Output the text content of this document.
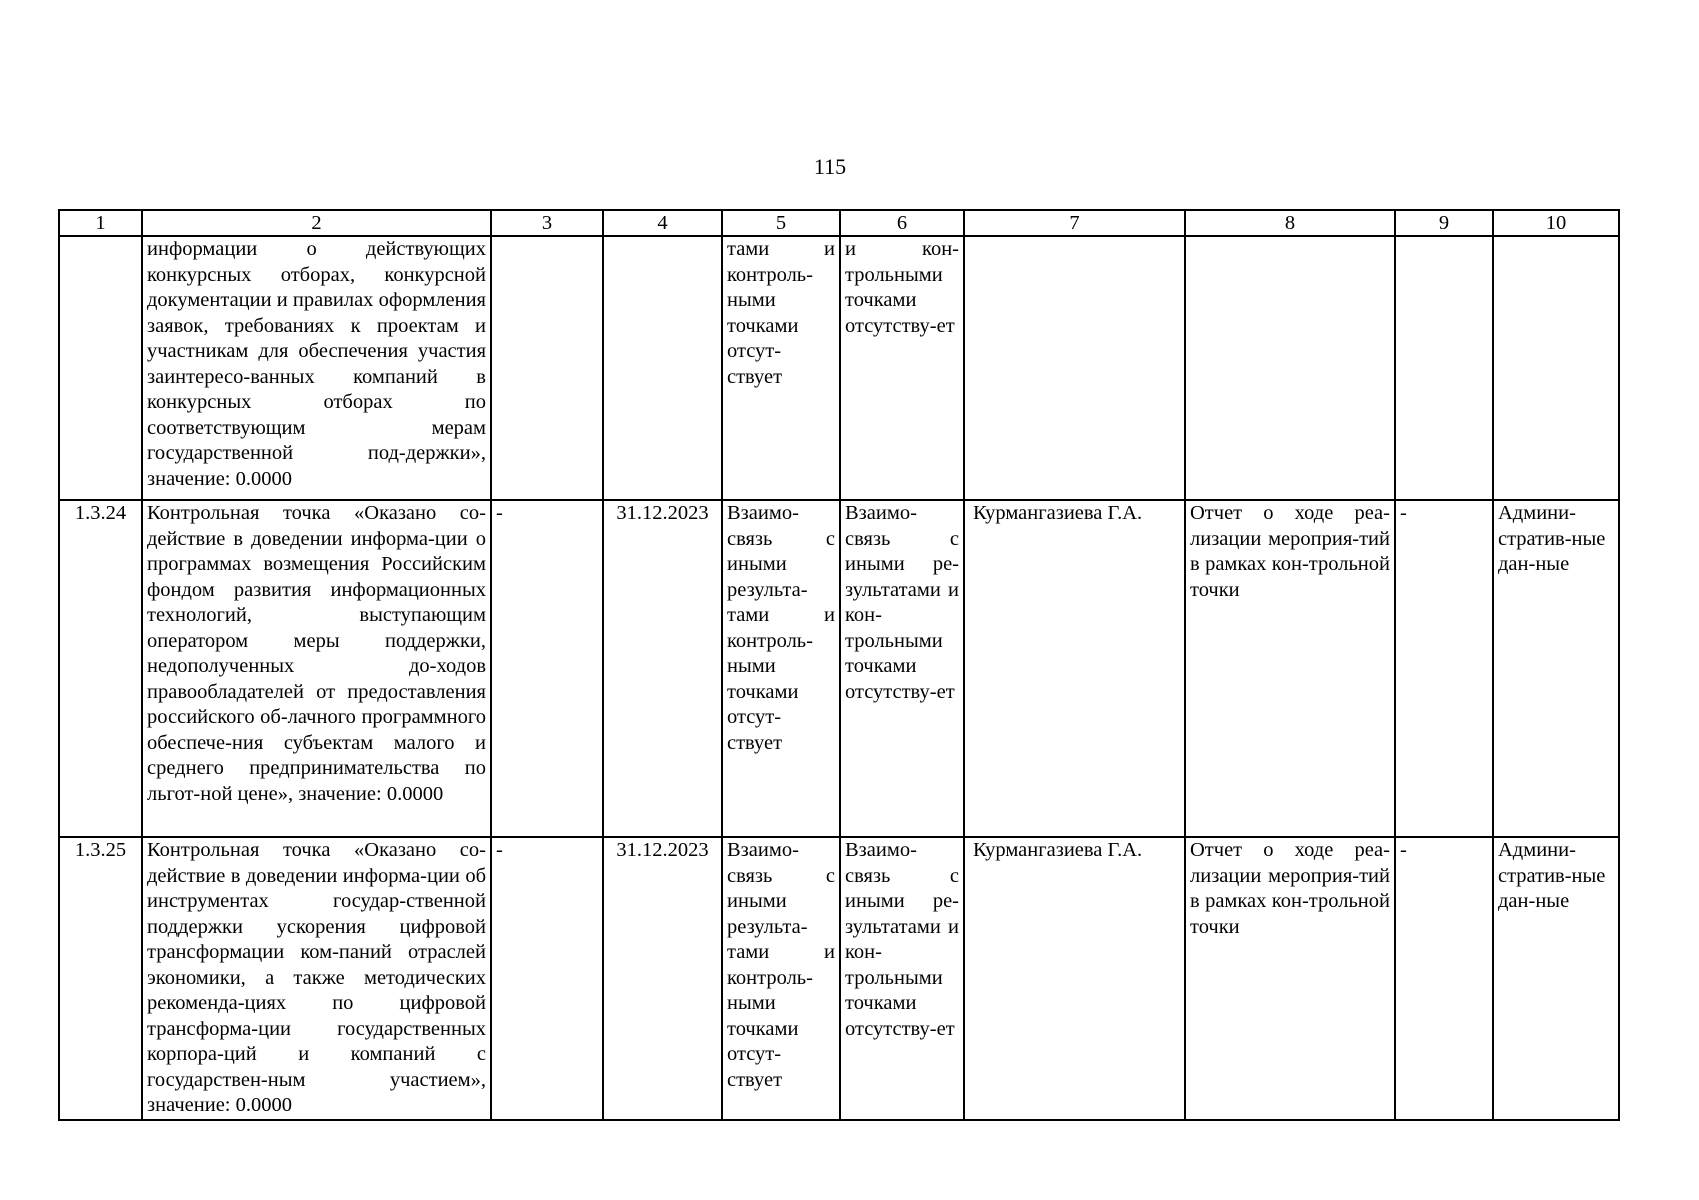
115
1	2	3	4	5	6	7	8	9	10
	информации о действующих конкурсных отборах, конкурсной документации и правилах оформления заявок, требованиях к проектам и участникам для обеспечения участия заинтересо-ванных компаний в конкурсных отборах по соответствующим мерам государственной под-держки», значение: 0.0000			тами и контроль-ными точками отсут-ствует	и кон-трольными точками отсутству-ет				
1.3.24	Контрольная точка «Оказано со-действие в доведении информа-ции о программах возмещения Российским фондом развития информационных технологий, выступающим оператором меры поддержки, недополученных до-ходов правообладателей от предоставления российского об-лачного программного обеспече-ния субъектам малого и среднего предпринимательства по льгот-ной цене», значение: 0.0000	-	31.12.2023	Взаимо-связь с иными результа-тами и контроль-ными точками отсут-ствует	Взаимо-связь с иными ре-зультатами и кон-трольными точками отсутству-ет	Курмангазиева Г.А.	Отчет о ходе реа-лизации мероприя-тий в рамках кон-трольной точки	-	Админи-стратив-ные дан-ные
1.3.25	Контрольная точка «Оказано со-действие в доведении информа-ции об инструментах государ-ственной поддержки ускорения цифровой трансформации ком-паний отраслей экономики, а также методических рекоменда-циях по цифровой трансформа-ции государственных корпора-ций и компаний с государствен-ным участием», значение: 0.0000	-	31.12.2023	Взаимо-связь с иными результа-тами и контроль-ными точками отсут-ствует	Взаимо-связь с иными ре-зультатами и кон-трольными точками отсутству-ет	Курмангазиева Г.А.	Отчет о ходе реа-лизации мероприя-тий в рамках кон-трольной точки	-	Админи-стратив-ные дан-ные
